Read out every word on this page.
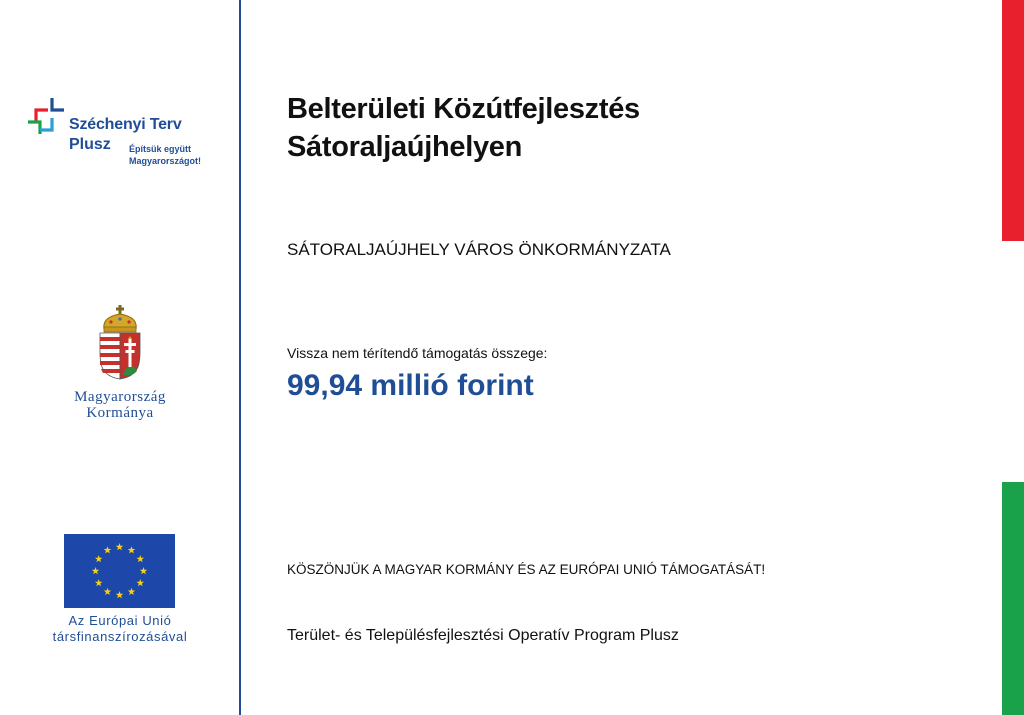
Széchenyi Terv
Plusz Építsük együtt
Magyarországot!
Magyarország
Kormánya
Az Európai Unió
társfinanszírozásával
Belterületi Közútfejlesztés
Sátoraljaújhelyen
SÁTORALJAÚJHELY VÁROS ÖNKORMÁNYZATA
Vissza nem térítendő támogatás összege:
99,94 millió forint
KÖSZÖNJÜK A MAGYAR KORMÁNY ÉS AZ EURÓPAI UNIÓ TÁMOGATÁSÁT!
Terület- és Településfejlesztési Operatív Program Plusz
